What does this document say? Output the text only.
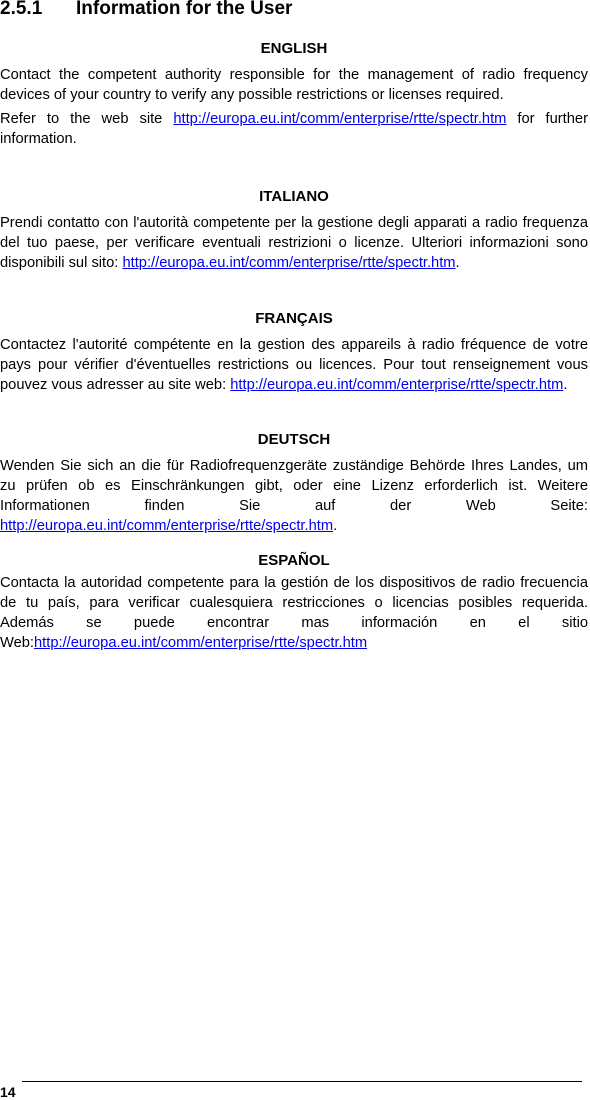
2.5.1 Information for the User
ENGLISH

Contact the competent authority responsible for the management of radio frequency devices of your country to verify any possible restrictions or licenses required.

Refer to the web site http://europa.eu.int/comm/enterprise/rtte/spectr.htm for further information.

ITALIANO

Prendi contatto con l'autorità competente per la gestione degli apparati a radio frequenza del tuo paese, per verificare eventuali restrizioni o licenze. Ulteriori informazioni sono disponibili sul sito: http://europa.eu.int/comm/enterprise/rtte/spectr.htm.

FRANÇAIS

Contactez l'autorité compétente en la gestion des appareils à radio fréquence de votre pays pour vérifier d'éventuelles restrictions ou licences. Pour tout renseignement vous pouvez vous adresser au site web: http://europa.eu.int/comm/enterprise/rtte/spectr.htm.

DEUTSCH

Wenden Sie sich an die für Radiofrequenzgeräte zuständige Behörde Ihres Landes, um zu prüfen ob es Einschränkungen gibt, oder eine Lizenz erforderlich ist. Weitere Informationen finden Sie auf der Web Seite: http://europa.eu.int/comm/enterprise/rtte/spectr.htm.

ESPAÑOL

Contacta la autoridad competente para la gestión de los dispositivos de radio frecuencia de tu país, para verificar cualesquiera restricciones o licencias posibles requerida. Además se puede encontrar mas información en el sitio Web:http://europa.eu.int/comm/enterprise/rtte/spectr.htm

14
